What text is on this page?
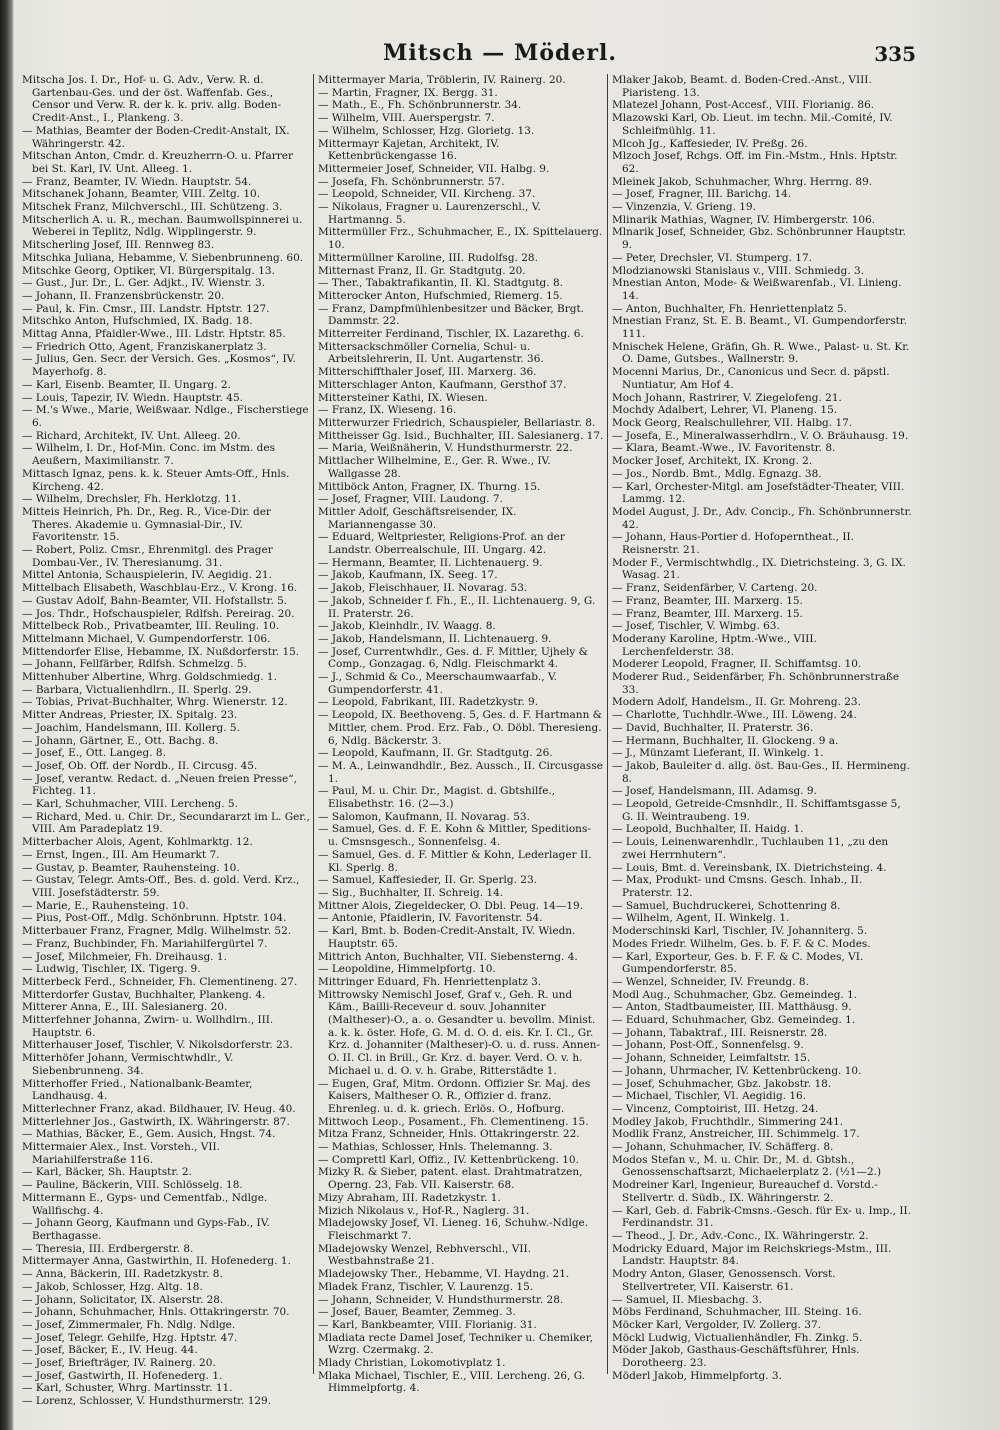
Mitsch — Möderl.	335

Mitscha Jos. I. Dr., Hof- u. G. Adv., Verw. R. d. Gartenbau-Ges. und der öst. Waffenfab. Ges., Censor und Verw. R. der k. k. priv. allg. Boden-Credit-Anst., I., Plankeng. 3.

— Mathias, Beamter der Boden-Credit-Anstalt, IX. Währingerstr. 42.

Mitschan Anton, Cmdr. d. Kreuzherrn-O. u. Pfarrer bei St. Karl, IV. Unt. Alleeg. 1.

— Franz, Beamter, IV. Wiedn. Hauptstr. 54.

Mitschanek Johann, Beamter, VIII. Zeltg. 10.

Mitschek Franz, Milchverschl., III. Schützeng. 3.

Mitscherlich A. u. R., mechan. Baumwollspinnerei u. Weberei in Teplitz, Ndlg. Wipplingerstr. 9.

Mitscherling Josef, III. Rennweg 83.

Mitschka Juliana, Hebamme, V. Siebenbrunneng. 60.

Mitschke Georg, Optiker, VI. Bürgerspitalg. 13.

— Gust., Jur. Dr., L. Ger. Adjkt., IV. Wienstr. 3.

— Johann, II. Franzensbrückenstr. 20.

— Paul, k. Fin. Cmsr., III. Landstr. Hptstr. 127.

Mitschko Anton, Hufschmied, IX. Badg. 18.

Mittag Anna, Pfaidler-Wwe., III. Ldstr. Hptstr. 85.

— Friedrich Otto, Agent, Franziskanerplatz 3.

— Julius, Gen. Secr. der Versich. Ges. „Kosmos“, IV. Mayerhofg. 8.

— Karl, Eisenb. Beamter, II. Ungarg. 2.

— Louis, Tapezir, IV. Wiedn. Hauptstr. 45.

— M.'s Wwe., Marie, Weißwaar. Ndlge., Fischerstiege 6.

— Richard, Architekt, IV. Unt. Alleeg. 20.

— Wilhelm, I. Dr., Hof-Min. Conc. im Mstm. des Aeußern, Maximilianstr. 7.

Mittasch Ignaz, pens. k. k. Steuer Amts-Off., Hnls. Kircheng. 42.

— Wilhelm, Drechsler, Fh. Herklotzg. 11.

Mitteis Heinrich, Ph. Dr., Reg. R., Vice-Dir. der Theres. Akademie u. Gymnasial-Dir., IV. Favoritenstr. 15.

— Robert, Poliz. Cmsr., Ehrenmitgl. des Prager Dombau-Ver., IV. Theresianumg. 31.

Mittel Antonia, Schauspielerin, IV. Aegidig. 21.

Mittelbach Elisabeth, Waschblau-Erz., V. Krong. 16.

— Gustav Adolf, Bahn-Beamter, VII. Hofstallstr. 5.

— Jos. Thdr., Hofschauspieler, Rdlfsh. Pereirag. 20.

Mittelbeck Rob., Privatbeamter, III. Reuling. 10.

Mittelmann Michael, V. Gumpendorferstr. 106.

Mittendorfer Elise, Hebamme, IX. Nußdorferstr. 15.

— Johann, Fellfärber, Rdlfsh. Schmelzg. 5.

Mittenhuber Albertine, Whrg. Goldschmiedg. 1.

— Barbara, Victualienhdlrn., II. Sperlg. 29.

— Tobias, Privat-Buchhalter, Whrg. Wienerstr. 12.

Mitter Andreas, Priester, IX. Spitalg. 23.

— Joachim, Handelsmann, III. Kollerg. 5.

— Johann, Gärtner, E., Ott. Bachg. 8.

— Josef, E., Ott. Langeg. 8.

— Josef, Ob. Off. der Nordb., II. Circusg. 45.

— Josef, verantw. Redact. d. „Neuen freien Presse“, Fichteg. 11.

— Karl, Schuhmacher, VIII. Lercheng. 5.

— Richard, Med. u. Chir. Dr., Secundararzt im L. Ger., VIII. Am Paradeplatz 19.

Mitterbacher Alois, Agent, Kohlmarktg. 12.

— Ernst, Ingen., III. Am Heumarkt 7.

— Gustav, p. Beamter, Rauhensteing. 10.

— Gustav, Telegr. Amts-Off., Bes. d. gold. Verd. Krz., VIII. Josefstädterstr. 59.

— Marie, E., Rauhensteing. 10.

— Pius, Post-Off., Mdlg. Schönbrunn. Hptstr. 104.

Mitterbauer Franz, Fragner, Mdlg. Wilhelmstr. 52.

— Franz, Buchbinder, Fh. Mariahilfergürtel 7.

— Josef, Milchmeier, Fh. Dreihausg. 1.

— Ludwig, Tischler, IX. Tigerg. 9.

Mitterbeck Ferd., Schneider, Fh. Clementineng. 27.

Mitterdorfer Gustav, Buchhalter, Plankeng. 4.

Mitterer Anna, E., III. Salesianerg. 20.

Mitterfehner Johanna, Zwirn- u. Wollhdlrn., III. Hauptstr. 6.

Mitterhauser Josef, Tischler, V. Nikolsdorferstr. 23.

Mitterhöfer Johann, Vermischtwhdlr., V. Siebenbrunneng. 34.

Mitterhoffer Fried., Nationalbank-Beamter, Landhausg. 4.

Mitterlechner Franz, akad. Bildhauer, IV. Heug. 40.

Mitterlehner Jos., Gastwirth, IX. Währingerstr. 87.

— Mathias, Bäcker, E., Gem. Ausich, Hngst. 74.

Mittermaier Alex., Inst. Vorsteh., VII. Mariahilferstraße 116.

— Karl, Bäcker, Sh. Hauptstr. 2.

— Pauline, Bäckerin, VIII. Schlösselg. 18.

Mittermann E., Gyps- und Cementfab., Ndlge. Wallfischg. 4.

— Johann Georg, Kaufmann und Gyps-Fab., IV. Berthagasse.

— Theresia, III. Erdbergerstr. 8.

Mittermayer Anna, Gastwirthin, II. Hofenederg. 1.

— Anna, Bäckerin, III. Radetzkystr. 8.

— Jakob, Schlosser, Hzg. Altg. 18.

— Johann, Solicitator, IX. Alserstr. 28.

— Johann, Schuhmacher, Hnls. Ottakringerstr. 70.

— Josef, Zimmermaler, Fh. Ndlg. Ndlge.

— Josef, Telegr. Gehilfe, Hzg. Hptstr. 47.

— Josef, Bäcker, E., IV. Heug. 44.

— Josef, Briefträger, IV. Rainerg. 20.

— Josef, Gastwirth, II. Hofenederg. 1.

— Karl, Schuster, Whrg. Martinsstr. 11.

— Lorenz, Schlosser, V. Hundsthurmerstr. 129.

Mittermayer Maria, Tröblerin, IV. Rainerg. 20.

— Martin, Fragner, IX. Bergg. 31.

— Math., E., Fh. Schönbrunnerstr. 34.

— Wilhelm, VIII. Auerspergstr. 7.

— Wilhelm, Schlosser, Hzg. Glorietg. 13.

Mittermayr Kajetan, Architekt, IV. Kettenbrückengasse 16.

Mittermeier Josef, Schneider, VII. Halbg. 9.

— Josefa, Fh. Schönbrunnerstr. 57.

— Leopold, Schneider, VII. Kircheng. 37.

— Nikolaus, Fragner u. Laurenzerschl., V. Hartmanng. 5.

Mittermüller Frz., Schuhmacher, E., IX. Spittelauerg. 10.

Mittermüllner Karoline, III. Rudolfsg. 28.

Mitternast Franz, II. Gr. Stadtgutg. 20.

— Ther., Tabaktrafikantin, II. Kl. Stadtgutg. 8.

Mitterocker Anton, Hufschmied, Riemerg. 15.

— Franz, Dampfmühlenbesitzer und Bäcker, Brgt. Dammstr. 22.

Mitterreiter Ferdinand, Tischler, IX. Lazarethg. 6.

Mittersackschmöller Cornelia, Schul- u. Arbeitslehrerin, II. Unt. Augartenstr. 36.

Mitterschiffthaler Josef, III. Marxerg. 36.

Mitterschlager Anton, Kaufmann, Gersthof 37.

Mittersteiner Kathi, IX. Wiesen.

— Franz, IX. Wieseng. 16.

Mitterwurzer Friedrich, Schauspieler, Bellariastr. 8.

Mittheisser Gg. Isid., Buchhalter, III. Salesianerg. 17.

— Maria, Weißnäherin, V. Hundsthurmerstr. 22.

Mittlacher Wilhelmine, E., Ger. R. Wwe., IV. Wallgasse 28.

Mittlböck Anton, Fragner, IX. Thurng. 15.

— Josef, Fragner, VIII. Laudong. 7.

Mittler Adolf, Geschäftsreisender, IX. Mariannengasse 30.

— Eduard, Weltpriester, Religions-Prof. an der Landstr. Oberrealschule, III. Ungarg. 42.

— Hermann, Beamter, II. Lichtenauerg. 9.

— Jakob, Kaufmann, IX. Seeg. 17.

— Jakob, Fleischhauer, II. Novarag. 53.

— Jakob, Schneider f. Fh., E., II. Lichtenauerg. 9, G. II. Praterstr. 26.

— Jakob, Kleinhdlr., IV. Waagg. 8.

— Jakob, Handelsmann, II. Lichtenauerg. 9.

— Josef, Currentwhdlr., Ges. d. F. Mittler, Ujhely & Comp., Gonzagag. 6, Ndlg. Fleischmarkt 4.

— J., Schmid & Co., Meerschaumwaarfab., V. Gumpendorferstr. 41.

— Leopold, Fabrikant, III. Radetzkystr. 9.

— Leopold, IX. Beethoveng. 5, Ges. d. F. Hartmann & Mittler, chem. Prod. Erz. Fab., O. Döbl. Theresieng. 6, Ndlg. Bäckerstr. 3.

— Leopold, Kaufmann, II. Gr. Stadtgutg. 26.

— M. A., Leinwandhdlr., Bez. Aussch., II. Circusgasse 1.

— Paul, M. u. Chir. Dr., Magist. d. Gbtshilfe., Elisabethstr. 16. (2—3.)

— Salomon, Kaufmann, II. Novarag. 53.

— Samuel, Ges. d. F. E. Kohn & Mittler, Speditions- u. Cmsnsgesch., Sonnenfelsg. 4.

— Samuel, Ges. d. F. Mittler & Kohn, Lederlager II. Kl. Sperlg. 8.

— Samuel, Kaffesieder, II. Gr. Sperlg. 23.

— Sig., Buchhalter, II. Schreig. 14.

Mittner Alois, Ziegeldecker, O. Dbl. Peug. 14—19.

— Antonie, Pfaidlerin, IV. Favoritenstr. 54.

— Karl, Bmt. b. Boden-Credit-Anstalt, IV. Wiedn. Hauptstr. 65.

Mittrich Anton, Buchhalter, VII. Siebensterng. 4.

— Leopoldine, Himmelpfortg. 10.

Mittringer Eduard, Fh. Henriettenplatz 3.

Mittrowsky Nemischl Josef, Graf v., Geh. R. und Käm., Bailli-Receveur d. souv. Johanniter (Maltheser)-O., a. o. Gesandter u. bevollm. Minist. a. k. k. öster. Hofe, G. M. d. O. d. eis. Kr. I. Cl., Gr. Krz. d. Johanniter (Maltheser)-O. u. d. russ. Annen-O. II. Cl. in Brill., Gr. Krz. d. bayer. Verd. O. v. h. Michael u. d. O. v. h. Grabe, Ritterstädte 1.

— Eugen, Graf, Mitm. Ordonn. Offizier Sr. Maj. des Kaisers, Maltheser O. R., Offizier d. franz. Ehrenleg. u. d. k. griech. Erlös. O., Hofburg.

Mittwoch Leop., Posament., Fh. Clementineng. 15.

Mitza Franz, Schneider, Hnls. Ottakringerstr. 22.

— Mathias, Schlosser, Hnls. Thelemanng. 3.

— Comprettl Karl, Offiz., IV. Kettenbrückeng. 10.

Mizky R. & Sieber, patent. elast. Drahtmatratzen, Operng. 23, Fab. VII. Kaiserstr. 68.

Mizy Abraham, III. Radetzkystr. 1.

Mizich Nikolaus v., Hof-R., Naglerg. 31.

Mladejowsky Josef, VI. Lieneg. 16, Schuhw.-Ndlge. Fleischmarkt 7.

Mladejowsky Wenzel, Rebhverschl., VII. Westbahnstraße 21.

Mladejowsky Ther., Hebamme, VI. Haydng. 21.

Mladek Franz, Tischler, V. Laurenzg. 15.

— Johann, Schneider, V. Hundsthurmerstr. 28.

— Josef, Bauer, Beamter, Zemmeg. 3.

— Karl, Bankbeamter, VIII. Florianig. 31.

Mladiata recte Damel Josef, Techniker u. Chemiker, Wzrg. Czermakg. 2.

Mlady Christian, Lokomotivplatz 1.

Mlaka Michael, Tischler, E., VIII. Lercheng. 26, G. Himmelpfortg. 4.

Mlaker Jakob, Beamt. d. Boden-Cred.-Anst., VIII. Piaristeng. 13.

Mlatezel Johann, Post-Accesf., VIII. Florianig. 86.

Mlazowski Karl, Ob. Lieut. im techn. Mil.-Comité, IV. Schleifmühlg. 11.

Mlcoh Jg., Kaffesieder, IV. Preßg. 26.

Mlzoch Josef, Rchgs. Off. im Fin.-Mstm., Hnls. Hptstr. 62.

Mleinek Jakob, Schuhmacher, Whrg. Herrng. 89.

— Josef, Fragner, III. Barichg. 14.

— Vinzenzia, V. Grieng. 19.

Mlinarik Mathias, Wagner, IV. Himbergerstr. 106.

Mlnarik Josef, Schneider, Gbz. Schönbrunner Hauptstr. 9.

— Peter, Drechsler, VI. Stumperg. 17.

Mlodzianowski Stanislaus v., VIII. Schmiedg. 3.

Mnestian Anton, Mode- & Weißwarenfab., VI. Linieng. 14.

— Anton, Buchhalter, Fh. Henriettenplatz 5.

Mnestian Franz, St. E. B. Beamt., VI. Gumpendorferstr. 111.

Mnischek Helene, Gräfin, Gh. R. Wwe., Palast- u. St. Kr. O. Dame, Gutsbes., Wallnerstr. 9.

Mocenni Marius, Dr., Canonicus und Secr. d. päpstl. Nuntiatur, Am Hof 4.

Moch Johann, Rastrirer, V. Ziegelofeng. 21.

Mochdy Adalbert, Lehrer, VI. Planeng. 15.

Mock Georg, Realschullehrer, VII. Halbg. 17.

— Josefa, E., Mineralwasserhdlrn., V. O. Bräuhausg. 19.

— Klara, Beamt.-Wwe., IV. Favoritenstr. 8.

Mocker Josef, Architekt, IX. Krong. 2.

— Jos., Nordb. Bmt., Mdlg. Egnazg. 38.

— Karl, Orchester-Mitgl. am Josefstädter-Theater, VIII. Lammg. 12.

Model August, J. Dr., Adv. Concip., Fh. Schönbrunnerstr. 42.

— Johann, Haus-Portier d. Hofoperntheat., II. Reisnerstr. 21.

Moder F., Vermischtwhdlg., IX. Dietrichsteing. 3, G. IX. Wasag. 21.

— Franz, Seidenfärber, V. Carteng. 20.

— Franz, Beamter, III. Marxerg. 15.

— Franz, Beamter, III. Marxerg. 15.

— Josef, Tischler, V. Wimbg. 63.

Moderany Karoline, Hptm.-Wwe., VIII. Lerchenfelderstr. 38.

Moderer Leopold, Fragner, II. Schiffamtsg. 10.

Moderer Rud., Seidenfärber, Fh. Schönbrunnerstraße 33.

Modern Adolf, Handelsm., II. Gr. Mohreng. 23.

— Charlotte, Tuchhdlr.-Wwe., III. Löweng. 24.

— David, Buchhalter, II. Praterstr. 36.

— Hermann, Buchhalter, II. Glockeng. 9 a.

— J., Münzamt Lieferant, II. Winkelg. 1.

— Jakob, Bauleiter d. allg. öst. Bau-Ges., II. Hermineng. 8.

— Josef, Handelsmann, III. Adamsg. 9.

— Leopold, Getreide-Cmsnhdlr., II. Schiffamtsgasse 5, G. II. Weintraubeng. 19.

— Leopold, Buchhalter, II. Haidg. 1.

— Louis, Leinenwarenhdlr., Tuchlauben 11, „zu den zwei Herrnhutern“.

— Louis, Bmt. d. Vereinsbank, IX. Dietrichsteing. 4.

— Max, Produkt- und Cmsns. Gesch. Inhab., II. Praterstr. 12.

— Samuel, Buchdruckerei, Schottenring 8.

— Wilhelm, Agent, II. Winkelg. 1.

Moderschinski Karl, Tischler, IV. Johanniterg. 5.

Modes Friedr. Wilhelm, Ges. b. F. F. & C. Modes.

— Karl, Exporteur, Ges. b. F. F. & C. Modes, VI. Gumpendorferstr. 85.

— Wenzel, Schneider, IV. Freundg. 8.

Modl Aug., Schuhmacher, Gbz. Gemeindeg. 1.

— Anton, Stadtbaumeister, III. Matthäusg. 9.

— Eduard, Schuhmacher, Gbz. Gemeindeg. 1.

— Johann, Tabaktraf., III. Reisnerstr. 28.

— Johann, Post-Off., Sonnenfelsg. 9.

— Johann, Schneider, Leimfaltstr. 15.

— Johann, Uhrmacher, IV. Kettenbrückeng. 10.

— Josef, Schuhmacher, Gbz. Jakobstr. 18.

— Michael, Tischler, VI. Aegidig. 16.

— Vincenz, Comptoirist, III. Hetzg. 24.

Modley Jakob, Fruchthdlr., Simmering 241.

Modlik Franz, Anstreicher, III. Schimmelg. 17.

— Johann, Schuhmacher, IV. Schäfferg. 8.

Modos Stefan v., M. u. Chir. Dr., M. d. Gbtsh., Genossenschaftsarzt, Michaelerplatz 2. (½1—2.)

Modreiner Karl, Ingenieur, Bureauchef d. Vorstd.-Stellvertr. d. Südb., IX. Währingerstr. 2.

— Karl, Geb. d. Fabrik-Cmsns.-Gesch. für Ex- u. Imp., II. Ferdinandstr. 31.

— Theod., J. Dr., Adv.-Conc., IX. Währingerstr. 2.

Modricky Eduard, Major im Reichskriegs-Mstm., III. Landstr. Hauptstr. 84.

Modry Anton, Glaser, Genossensch. Vorst. Stellvertreter, VII. Kaiserstr. 61.

— Samuel, II. Miesbachg. 3.

Möbs Ferdinand, Schuhmacher, III. Steing. 16.

Möcker Karl, Vergolder, IV. Zollerg. 37.

Möckl Ludwig, Victualienhändler, Fh. Zinkg. 5.

Möder Jakob, Gasthaus-Geschäftsführer, Hnls. Dorotheerg. 23.

Möderl Jakob, Himmelpfortg. 3.
